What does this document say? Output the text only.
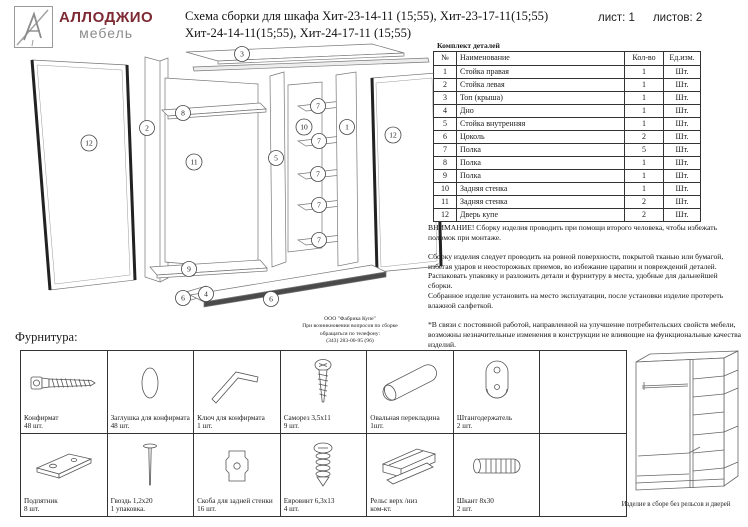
АЛЛОДЖИО
мебель
Схема сборки для шкафа Хит-23-14-11 (15;55), Хит-23-17-11(15;55)
Хит-24-14-11(15;55), Хит-24-17-11 (15;55)
лист: 1 листов: 2
3
12
2
8
11
9
5
10
7
7
7
7
7
1
12
6	4
6
ООО "Фабрика Купе"
При возникновении вопросов по сборке
обращаться по телефону:
(343) 283-00-95 (96)
Комплект деталей
№	Наименование	Кол-во	Ед.изм.
1	Стойка правая	1	Шт.
2	Стойка левая	1	Шт.
3	Топ (крыша)	1	Шт.
4	Дно	1	Шт.
5	Стойка внутренняя	1	Шт.
6	Цоколь	2	Шт.
7	Полка	5	Шт.
8	Полка	1	Шт.
9	Полка	1	Шт.
10	Задняя стенка	1	Шт.
11	Задняя стенка	2	Шт.
12	Дверь купе	2	Шт.

ВНИМАНИЕ! Сборку изделия проводить при помощи второго человека, чтобы избежать поломок при монтаже.

Сборку изделия следует проводить на ровной поверхности, покрытой тканью или бумагой, избегая ударов и неосторожных приемов, во избежание царапин и повреждений деталей.

Распаковать упаковку и разложить детали и фурнитуру в места, удобные для дальнейшей сборки.

Собранное изделие установить на место эксплуатации, после установки изделие протереть влажной салфеткой.

*В связи с постоянной работой, направленной на улучшение потребительских свойств мебели, возможны незначительные изменения в конструкции не влияющие на функциональные качества изделий.

Фурнитура:
Конфирмат
48 шт.
Заглушка для конфирмата
48 шт.
Ключ для конфирмата
1 шт.
Саморез 3,5х11
9 шт.
Овальная перекладина
1шт.
Штангодержатель
2 шт.
Подпятник
8 шт.
Гвоздь 1,2х20
1 упаковка.
Скоба для задней стенки
16 шт.
Евровинт 6,3х13
4 шт.
Рельс верх /низ
ком-кт.
Шкант 8х30
2 шт.
Изделие в сборе без рельсов и дверей
